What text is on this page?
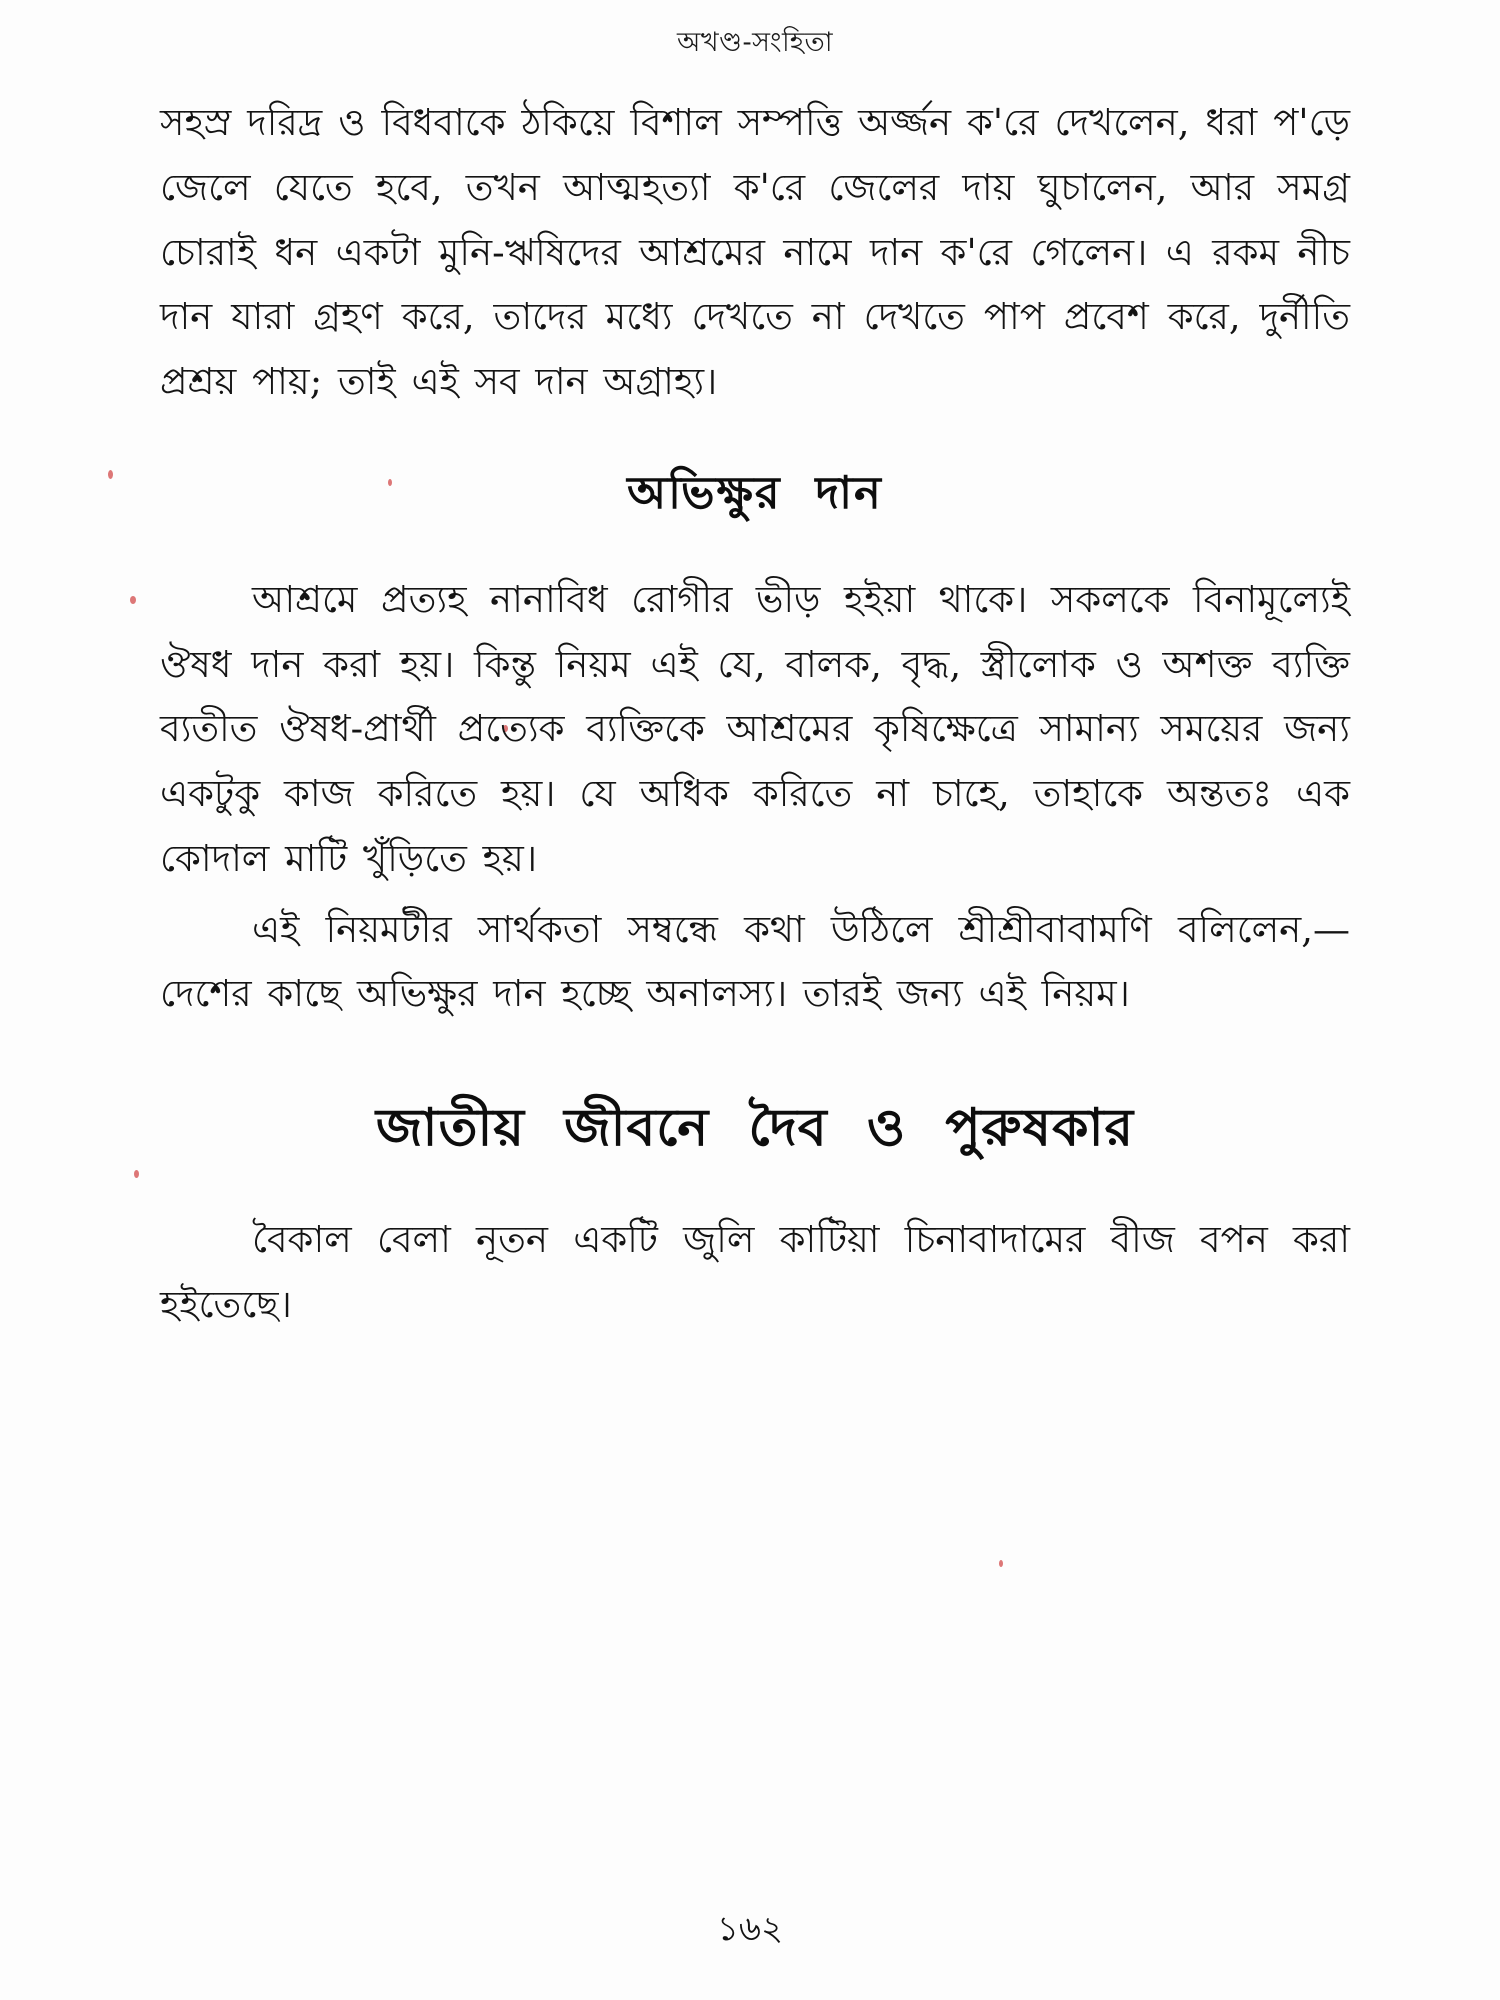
অখণ্ড-সংহিতা

সহস্র দরিদ্র ও বিধবাকে ঠকিয়ে বিশাল সম্পত্তি অর্জ্জন ক'রে দেখলেন, ধরা প'ড়ে জেলে যেতে হবে, তখন আত্মহত্যা ক'রে জেলের দায় ঘুচালেন, আর সমগ্র চোরাই ধন একটা মুনি-ঋষিদের আশ্রমের নামে দান ক'রে গেলেন। এ রকম নীচ দান যারা গ্রহণ করে, তাদের মধ্যে দেখতে না দেখতে পাপ প্রবেশ করে, দুর্নীতি প্রশ্রয় পায়; তাই এই সব দান অগ্রাহ্য।

অভিক্ষুর দান

আশ্রমে প্রত্যহ নানাবিধ রোগীর ভীড় হইয়া থাকে। সকলকে বিনামূল্যেই ঔষধ দান করা হয়। কিন্তু নিয়ম এই যে, বালক, বৃদ্ধ, স্ত্রীলোক ও অশক্ত ব্যক্তি ব্যতীত ঔষধ-প্রার্থী প্রত্যেক ব্যক্তিকে আশ্রমের কৃষিক্ষেত্রে সামান্য সময়ের জন্য একটুকু কাজ করিতে হয়। যে অধিক করিতে না চাহে, তাহাকে অন্ততঃ এক কোদাল মাটি খুঁড়িতে হয়।

এই নিয়মটীর সার্থকতা সম্বন্ধে কথা উঠিলে শ্রীশ্রীবাবামণি বলিলেন,—দেশের কাছে অভিক্ষুর দান হচ্ছে অনালস্য। তারই জন্য এই নিয়ম।

জাতীয় জীবনে দৈব ও পুরুষকার

বৈকাল বেলা নূতন একটি জুলি কাটিয়া চিনাবাদামের বীজ বপন করা হইতেছে।

১৬২
